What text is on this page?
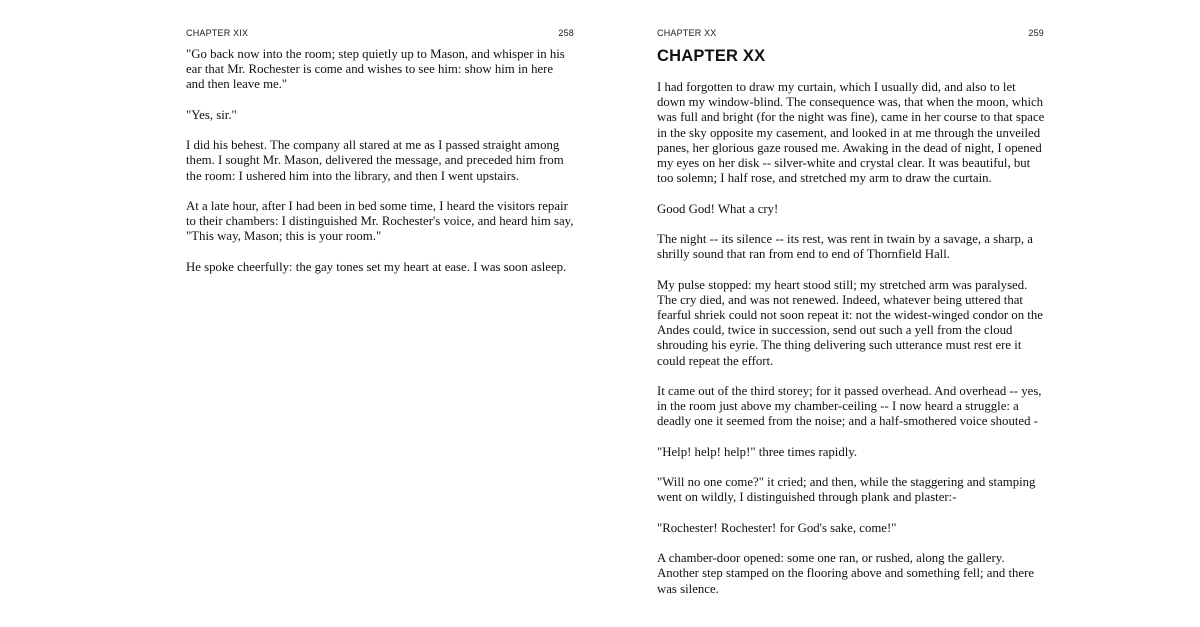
CHAPTER XIX	258

"Go back now into the room; step quietly up to Mason, and whisper in his
ear that Mr. Rochester is come and wishes to see him: show him in here
and then leave me."

"Yes, sir."

I did his behest. The company all stared at me as I passed straight among
them. I sought Mr. Mason, delivered the message, and preceded him from
the room: I ushered him into the library, and then I went upstairs.

At a late hour, after I had been in bed some time, I heard the visitors repair
to their chambers: I distinguished Mr. Rochester's voice, and heard him say,
"This way, Mason; this is your room."

He spoke cheerfully: the gay tones set my heart at ease. I was soon asleep.

CHAPTER XX	259
CHAPTER XX

I had forgotten to draw my curtain, which I usually did, and also to let
down my window-blind. The consequence was, that when the moon, which
was full and bright (for the night was fine), came in her course to that space
in the sky opposite my casement, and looked in at me through the unveiled
panes, her glorious gaze roused me. Awaking in the dead of night, I opened
my eyes on her disk -- silver-white and crystal clear. It was beautiful, but
too solemn; I half rose, and stretched my arm to draw the curtain.

Good God! What a cry!

The night -- its silence -- its rest, was rent in twain by a savage, a sharp, a
shrilly sound that ran from end to end of Thornfield Hall.

My pulse stopped: my heart stood still; my stretched arm was paralysed.
The cry died, and was not renewed. Indeed, whatever being uttered that
fearful shriek could not soon repeat it: not the widest-winged condor on the
Andes could, twice in succession, send out such a yell from the cloud
shrouding his eyrie. The thing delivering such utterance must rest ere it
could repeat the effort.

It came out of the third storey; for it passed overhead. And overhead -- yes,
in the room just above my chamber-ceiling -- I now heard a struggle: a
deadly one it seemed from the noise; and a half-smothered voice shouted -

"Help! help! help!" three times rapidly.

"Will no one come?" it cried; and then, while the staggering and stamping
went on wildly, I distinguished through plank and plaster:-

"Rochester! Rochester! for God's sake, come!"

A chamber-door opened: some one ran, or rushed, along the gallery.
Another step stamped on the flooring above and something fell; and there
was silence.
